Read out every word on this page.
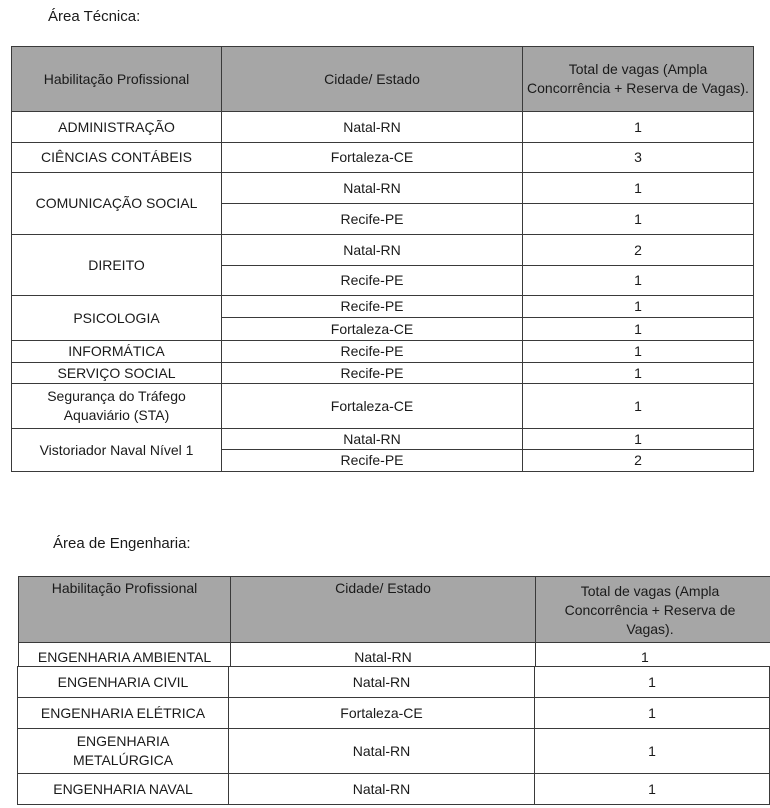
Área Técnica:
Habilitação Profissional	Cidade/ Estado	Total de vagas (Ampla Concorrência + Reserva de Vagas).
ADMINISTRAÇÃO	Natal-RN	1
CIÊNCIAS CONTÁBEIS	Fortaleza-CE	3
COMUNICAÇÃO SOCIAL	Natal-RN	1
	Recife-PE	1
DIREITO	Natal-RN	2
	Recife-PE	1
PSICOLOGIA	Recife-PE	1
	Fortaleza-CE	1
INFORMÁTICA	Recife-PE	1
SERVIÇO SOCIAL	Recife-PE	1
Segurança do Tráfego Aquaviário (STA)	Fortaleza-CE	1
Vistoriador Naval Nível 1	Natal-RN	1
	Recife-PE	2
Área de Engenharia:
Habilitação Profissional	Cidade/ Estado	Total de vagas (Ampla Concorrência + Reserva de Vagas).

ENGENHARIA AMBIENTAL	Natal-RN	1
ENGENHARIA CIVIL	Natal-RN	1
ENGENHARIA ELÉTRICA	Fortaleza-CE	1

ENGENHARIA METALÚRGICA	Natal-RN	1
ENGENHARIA NAVAL	Natal-RN	1
